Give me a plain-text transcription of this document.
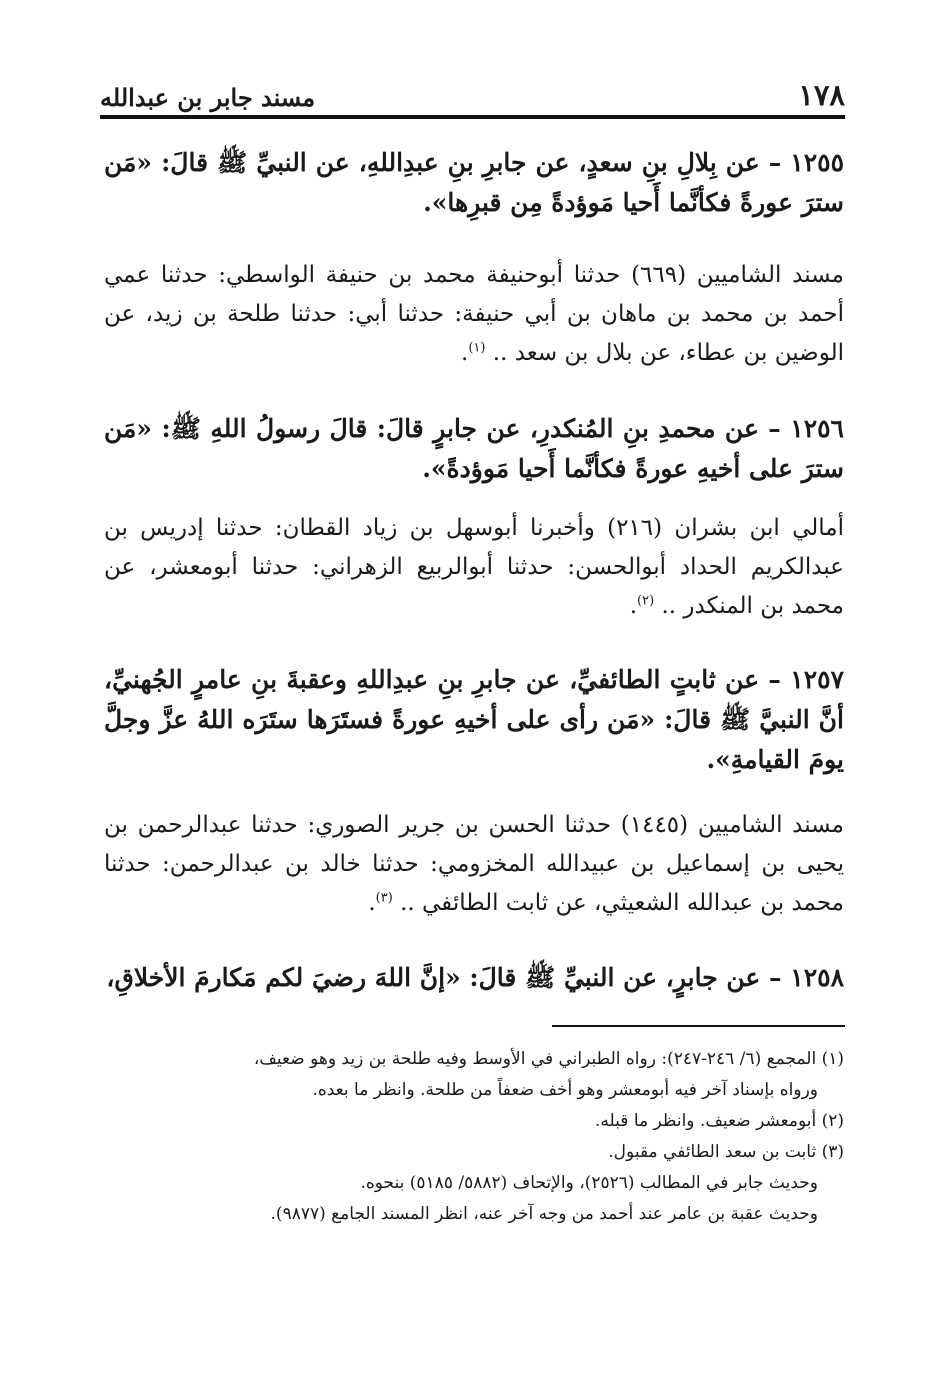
١٧٨
مسند جابر بن عبدالله
١٢٥٥ – عن بِلالِ بنِ سعدٍ، عن جابرِ بنِ عبدِاللهِ، عن النبيِّ ﷺ قالَ: «مَن سترَ عورةً فكأنَّما أَحيا مَوؤدةً مِن قبرِها».
مسند الشاميين (٦٦٩) حدثنا أبوحنيفة محمد بن حنيفة الواسطي: حدثنا عمي أحمد بن محمد بن ماهان بن أبي حنيفة: حدثنا أبي: حدثنا طلحة بن زيد، عن الوضين بن عطاء، عن بلال بن سعد .. $^{(١)}$.
١٢٥٦ – عن محمدِ بنِ المُنكدرِ، عن جابرٍ قالَ: قالَ رسولُ اللهِ ﷺ: «مَن سترَ على أخيهِ عورةً فكأنَّما أَحيا مَوؤدةً».
أمالي ابن بشران (٢١٦) وأخبرنا أبوسهل بن زياد القطان: حدثنا إدريس بن عبدالكريم الحداد أبوالحسن: حدثنا أبوالربيع الزهراني: حدثنا أبومعشر، عن محمد بن المنكدر .. $^{(٢)}$.
١٢٥٧ – عن ثابتٍ الطائفيِّ، عن جابرِ بنِ عبدِاللهِ وعقبةَ بنِ عامرٍ الجُهنيِّ، أنَّ النبيَّ ﷺ قالَ: «مَن رأى على أخيهِ عورةً فستَرَها ستَرَه اللهُ عزَّ وجلَّ يومَ القيامةِ».
مسند الشاميين (١٤٤٥) حدثنا الحسن بن جرير الصوري: حدثنا عبدالرحمن بن يحيى بن إسماعيل بن عبيدالله المخزومي: حدثنا خالد بن عبدالرحمن: حدثنا محمد بن عبدالله الشعيثي، عن ثابت الطائفي .. $^{(٣)}$.
١٢٥٨ – عن جابرٍ، عن النبيِّ ﷺ قالَ: «إنَّ اللهَ رضيَ لكم مَكارمَ الأخلاقِ،
(١) المجمع (٦/ ٢٤٦-٢٤٧): رواه الطبراني في الأوسط وفيه طلحة بن زيد وهو ضعيف،
ورواه بإسناد آخر فيه أبومعشر وهو أخف ضعفاً من طلحة. وانظر ما بعده.
(٢) أبومعشر ضعيف. وانظر ما قبله.
(٣) ثابت بن سعد الطائفي مقبول.
وحديث جابر في المطالب (٢٥٢٦)، والإتحاف (٥٨٨٢/ ٥١٨٥) بنحوه.
وحديث عقبة بن عامر عند أحمد من وجه آخر عنه، انظر المسند الجامع (٩٨٧٧).
